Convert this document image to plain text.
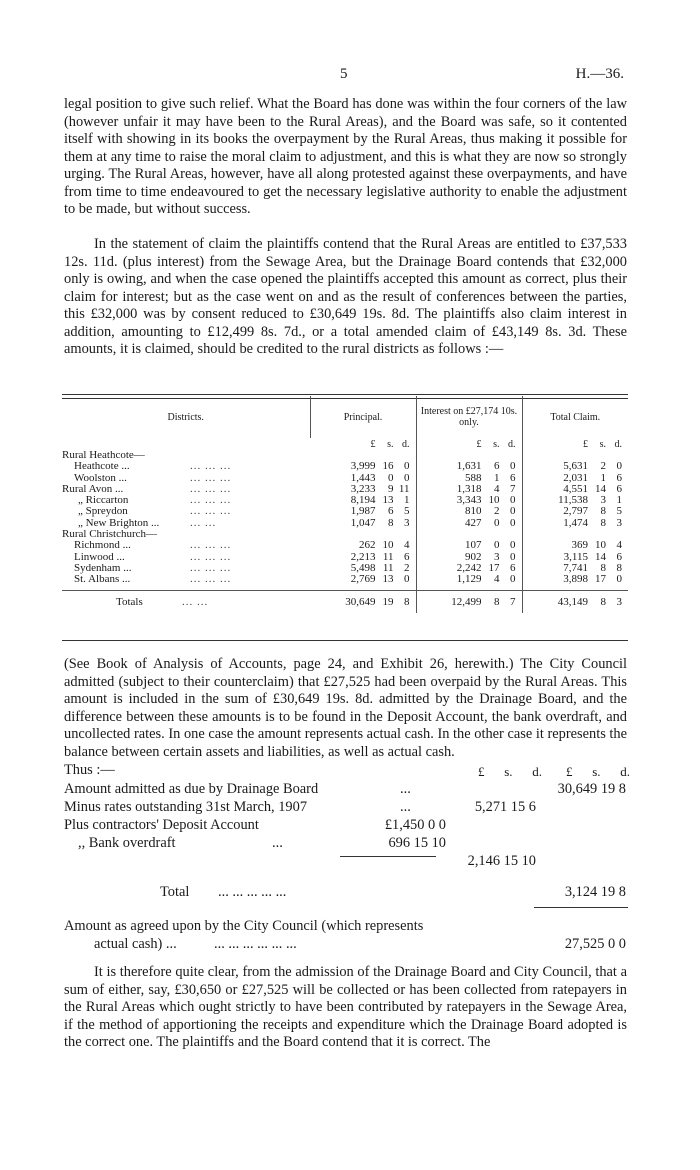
5	H.—36.

legal position to give such relief. What the Board has done was within the four corners of the law (however unfair it may have been to the Rural Areas), and the Board was safe, so it contented itself with showing in its books the overpayment by the Rural Areas, thus making it possible for them at any time to raise the moral claim to adjustment, and this is what they are now so strongly urging. The Rural Areas, however, have all along protested against these overpayments, and have from time to time endeavoured to get the necessary legislative authority to enable the adjustment to be made, but without success.

In the statement of claim the plaintiffs contend that the Rural Areas are entitled to £37,533 12s. 11d. (plus interest) from the Sewage Area, but the Drainage Board contends that £32,000 only is owing, and when the case opened the plaintiffs accepted this amount as correct, plus their claim for interest; but as the case went on and as the result of conferences between the parties, this £32,000 was by consent reduced to £30,649 19s. 8d. The plaintiffs also claim interest in addition, amounting to £12,499 8s. 7d., or a total amended claim of £43,149 8s. 3d. These amounts, it is claimed, should be credited to the rural districts as follows :—

Districts.	Principal.	Interest on £27,174 10s. only.	Total Claim.

	£ s. d.	£ s. d.	£ s. d.

Rural Heathcote—

Heathcote ... ... ... ...	3,999 16 0	1,631 6 0	5,631 2 0

Woolston ... ... ... ...	1,443 0 0	588 1 6	2,031 1 6

Rural Avon ... ... ... ...	3,233 9 11	1,318 4 7	4,551 14 6

„ Riccarton ... ... ...	8,194 13 1	3,343 10 0	11,538 3 1

„ Spreydon ... ... ...	1,987 6 5	810 2 0	2,797 8 5

„ New Brighton ... ... ...	1,047 8 3	427 0 0	1,474 8 3

Rural Christchurch—

Richmond ... ... ... ...	262 10 4	107 0 0	369 10 4

Linwood ... ... ... ...	2,213 11 6	902 3 0	3,115 14 6

Sydenham ... ... ... ...	5,498 11 2	2,242 17 6	7,741 8 8

St. Albans ... ... ... ...	2,769 13 0	1,129 4 0	3,898 17 0

Totals ... ...	30,649 19 8	12,499 8 7	43,149 8 3

(See Book of Analysis of Accounts, page 24, and Exhibit 26, herewith.) The City Council admitted (subject to their counterclaim) that £27,525 had been overpaid by the Rural Areas. This amount is included in the sum of £30,649 19s. 8d. admitted by the Drainage Board, and the difference between these amounts is to be found in the Deposit Account, the bank overdraft, and uncollected rates. In one case the amount represents actual cash. In the other case it represents the balance between certain assets and liabilities, as well as actual cash.

Thus :—	£ s. d. £ s. d.
Amount admitted as due by Drainage Board	...	30,649 19 8
Minus rates outstanding 31st March, 1907	...	5,271 15 6
Plus contractors' Deposit Account	£1,450 0 0
,, Bank overdraft	...	696 15 10
2,146 15 10
Total ... ... ... ... ...	3,124 19 8
Amount as agreed upon by the City Council (which represents
actual cash) ...	... ... ... ... ... ...	27,525 0 0

It is therefore quite clear, from the admission of the Drainage Board and City Council, that a sum of either, say, £30,650 or £27,525 will be collected or has been collected from ratepayers in the Rural Areas which ought strictly to have been contributed by ratepayers in the Sewage Area, if the method of apportioning the receipts and expenditure which the Drainage Board adopted is the correct one. The plaintiffs and the Board contend that it is correct. The
